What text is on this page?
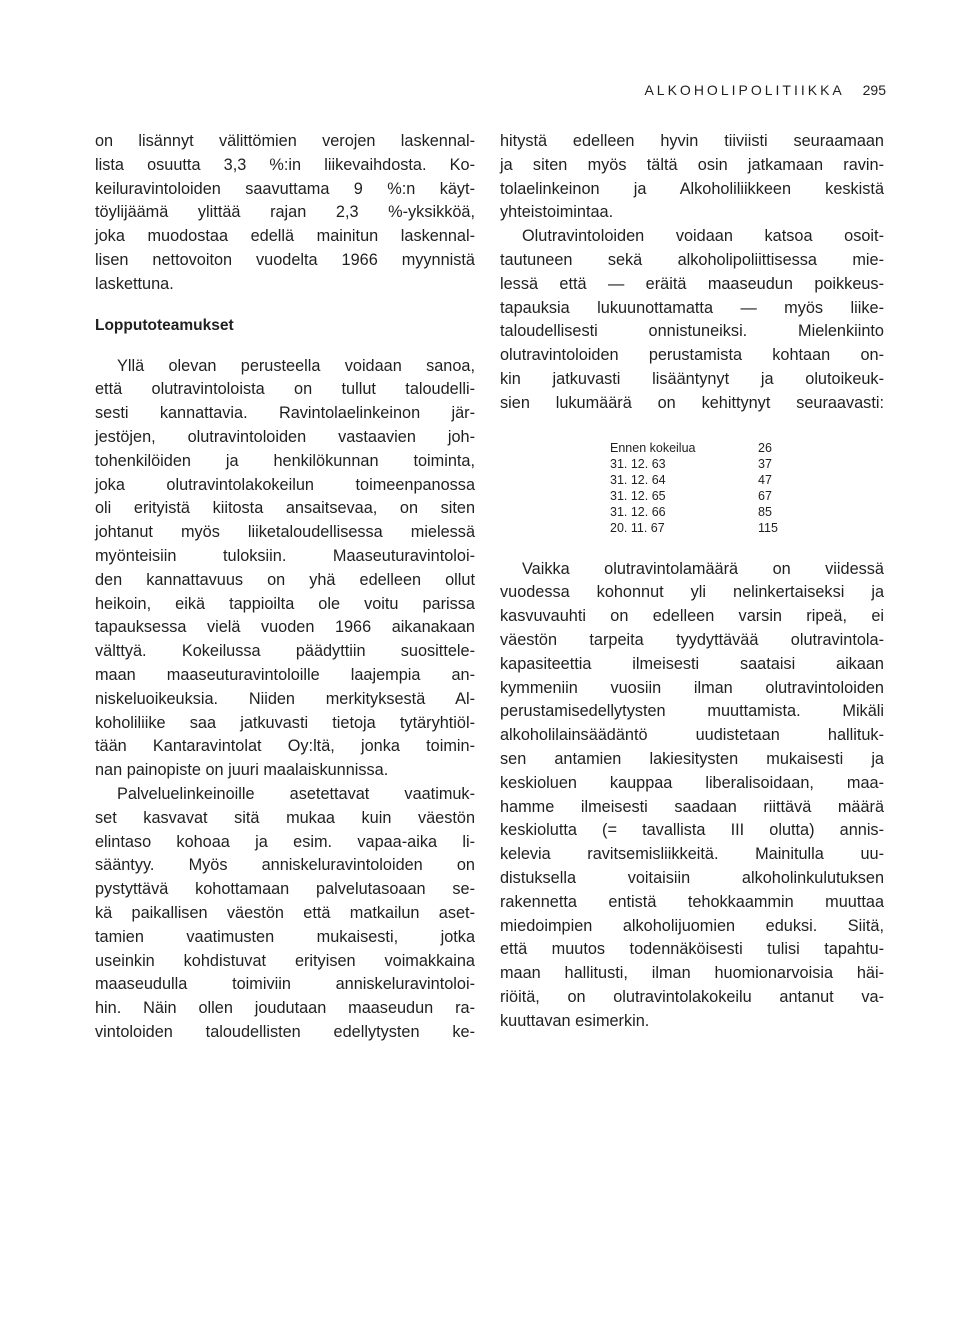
ALKOHOLIPOLITIIKKA 295
on lisännyt välittömien verojen laskennal-
lista osuutta 3,3 %:in liikevaihdosta. Ko-
keiluravintoloiden saavuttama 9 %:n käyt-
töylijäämä ylittää rajan 2,3 %-yksikköä,
joka muodostaa edellä mainitun laskennal-
lisen nettovoiton vuodelta 1966 myynnistä
laskettuna.
Lopputoteamukset
Yllä olevan perusteella voidaan sanoa,
että olutravintoloista on tullut taloudelli-
sesti kannattavia. Ravintolaelinkeinon jär-
jestöjen, olutravintoloiden vastaavien joh-
tohenkilöiden ja henkilökunnan toiminta,
joka olutravintolakokeilun toimeenpanossa
oli erityistä kiitosta ansaitsevaa, on siten
johtanut myös liiketaloudellisessa mielessä
myönteisiin tuloksiin. Maaseuturavintoloi-
den kannattavuus on yhä edelleen ollut
heikoin, eikä tappioilta ole voitu parissa
tapauksessa vielä vuoden 1966 aikanakaan
välttyä. Kokeilussa päädyttiin suosittele-
maan maaseuturavintoloille laajempia an-
niskeluoikeuksia. Niiden merkityksestä Al-
koholiliike saa jatkuvasti tietoja tytäryhtiöl-
tään Kantaravintolat Oy:ltä, jonka toimin-
nan painopiste on juuri maalaiskunnissa.
Palveluelinkeinoille asetettavat vaatimuk-
set kasvavat sitä mukaa kuin väestön
elintaso kohoaa ja esim. vapaa-aika li-
sääntyy. Myös anniskeluravintoloiden on
pystyttävä kohottamaan palvelutasoaan se-
kä paikallisen väestön että matkailun aset-
tamien vaatimusten mukaisesti, jotka
useinkin kohdistuvat erityisen voimakkaina
maaseudulla toimiviin anniskeluravintoloi-
hin. Näin ollen joudutaan maaseudun ra-
vintoloiden taloudellisten edellytysten ke-
hitystä edelleen hyvin tiiviisti seuraamaan
ja siten myös tältä osin jatkamaan ravin-
tolaelinkeinon ja Alkoholiliikkeen keskistä
yhteistoimintaa.
Olutravintoloiden voidaan katsoa osoit-
tautuneen sekä alkoholipoliittisessa mie-
lessä että — eräitä maaseudun poikkeus-
tapauksia lukuunottamatta — myös liike-
taloudellisesti onnistuneiksi. Mielenkiinto
olutravintoloiden perustamista kohtaan on-
kin jatkuvasti lisääntynyt ja olutoikeuk-
sien lukumäärä on kehittynyt seuraavasti:
Ennen kokeilua	26
31. 12. 63	37
31. 12. 64	47
31. 12. 65	67
31. 12. 66	85
20. 11. 67	115
Vaikka olutravintolamäärä on viidessä
vuodessa kohonnut yli nelinkertaiseksi ja
kasvuvauhti on edelleen varsin ripeä, ei
väestön tarpeita tyydyttävää olutravintola-
kapasiteettia ilmeisesti saataisi aikaan
kymmeniin vuosiin ilman olutravintoloiden
perustamisedellytysten muuttamista. Mikäli
alkoholilainsäädäntö uudistetaan hallituk-
sen antamien lakiesitysten mukaisesti ja
keskioluen kauppaa liberalisoidaan, maa-
hamme ilmeisesti saadaan riittävä määrä
keskiolutta (= tavallista III olutta) annis-
kelevia ravitsemisliikkeitä. Mainitulla uu-
distuksella voitaisiin alkoholinkulutuksen
rakennetta entistä tehokkaammin muuttaa
miedoimpien alkoholijuomien eduksi. Siitä,
että muutos todennäköisesti tulisi tapahtu-
maan hallitusti, ilman huomionarvoisia häi-
riöitä, on olutravintolakokeilu antanut va-
kuuttavan esimerkin.
